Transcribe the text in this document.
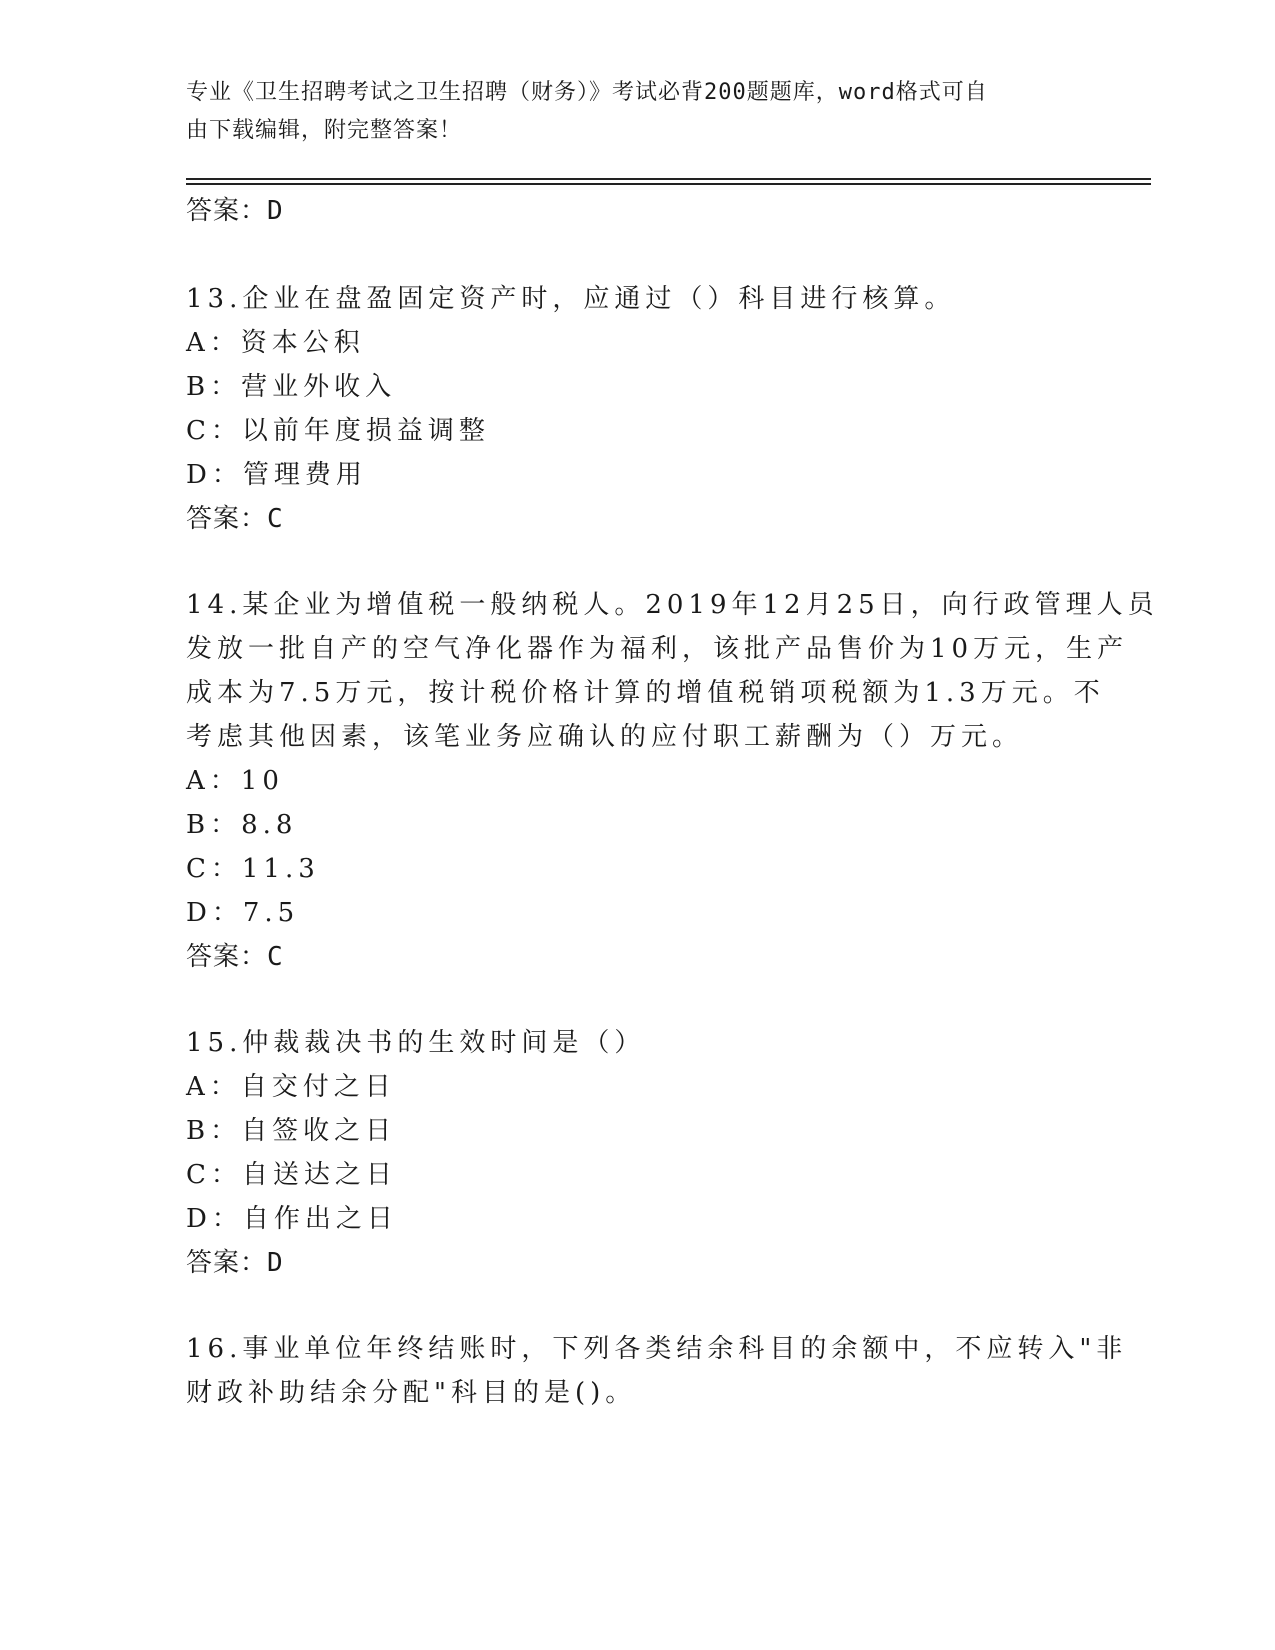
专业《卫生招聘考试之卫生招聘（财务）》考试必背200题题库，word格式可自
由下载编辑，附完整答案！
答案：D
13.企业在盘盈固定资产时，应通过（）科目进行核算。
A：资本公积
B：营业外收入
C：以前年度损益调整
D：管理费用
答案：C
14.某企业为增值税一般纳税人。2019年12月25日，向行政管理人员
发放一批自产的空气净化器作为福利，该批产品售价为10万元，生产
成本为7.5万元，按计税价格计算的增值税销项税额为1.3万元。不
考虑其他因素，该笔业务应确认的应付职工薪酬为（）万元。
A：10
B：8.8
C：11.3
D：7.5
答案：C
15.仲裁裁决书的生效时间是（）
A：自交付之日
B：自签收之日
C：自送达之日
D：自作出之日
答案：D
16.事业单位年终结账时，下列各类结余科目的余额中，不应转入"非
财政补助结余分配"科目的是()。
